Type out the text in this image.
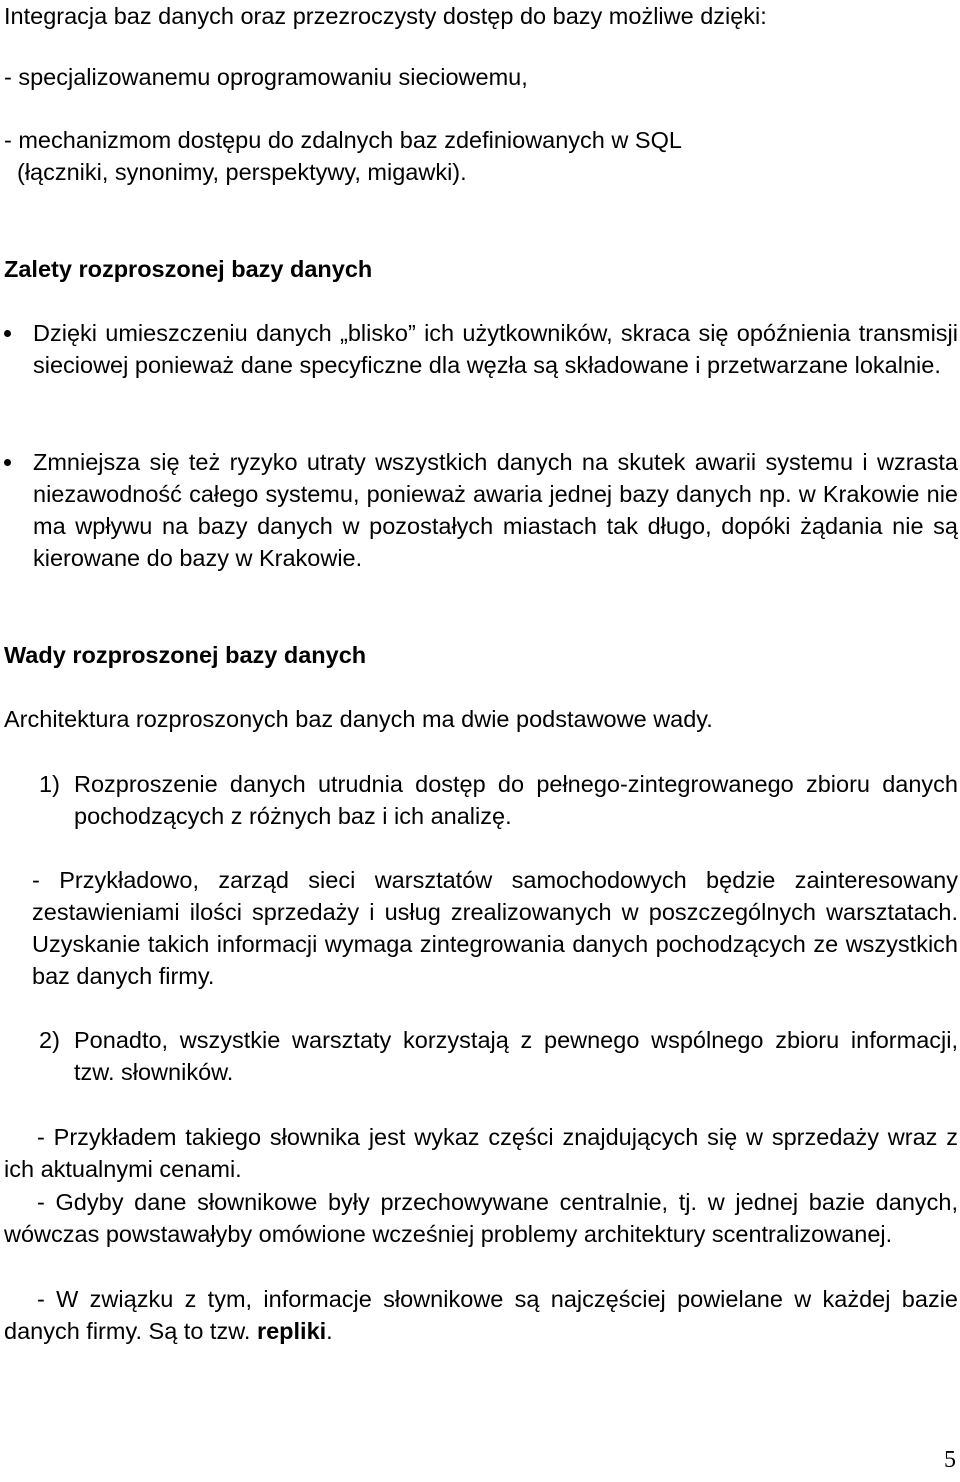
Integracja baz danych oraz przezroczysty dostęp do bazy możliwe dzięki:

- specjalizowanemu oprogramowaniu sieciowemu,

- mechanizmom dostępu do zdalnych baz zdefiniowanych w SQL

(łączniki, synonimy, perspektywy, migawki).

Zalety rozproszonej bazy danych

Dzięki umieszczeniu danych „blisko” ich użytkowników, skraca się opóźnienia transmisji sieciowej ponieważ dane specyficzne dla węzła są składowane i przetwarzane lokalnie.

Zmniejsza się też ryzyko utraty wszystkich danych na skutek awarii systemu i wzrasta niezawodność całego systemu, ponieważ awaria jednej bazy danych np. w Krakowie nie ma wpływu na bazy danych w pozostałych miastach tak długo, dopóki żądania nie są kierowane do bazy w Krakowie.

Wady rozproszonej bazy danych

Architektura rozproszonych baz danych ma dwie podstawowe wady.

1) Rozproszenie danych utrudnia dostęp do pełnego-zintegrowanego zbioru danych pochodzących z różnych baz i ich analizę.

- Przykładowo, zarząd sieci warsztatów samochodowych będzie zainteresowany zestawieniami ilości sprzedaży i usług zrealizowanych w poszczególnych warsztatach. Uzyskanie takich informacji wymaga zintegrowania danych pochodzących ze wszystkich baz danych firmy.

2) Ponadto, wszystkie warsztaty korzystają z pewnego wspólnego zbioru informacji, tzw. słowników.

- Przykładem takiego słownika jest wykaz części znajdujących się w sprzedaży wraz z ich aktualnymi cenami.

- Gdyby dane słownikowe były przechowywane centralnie, tj. w jednej bazie danych, wówczas powstawałyby omówione wcześniej problemy architektury scentralizowanej.

- W związku z tym, informacje słownikowe są najczęściej powielane w każdej bazie danych firmy. Są to tzw. repliki.

5
